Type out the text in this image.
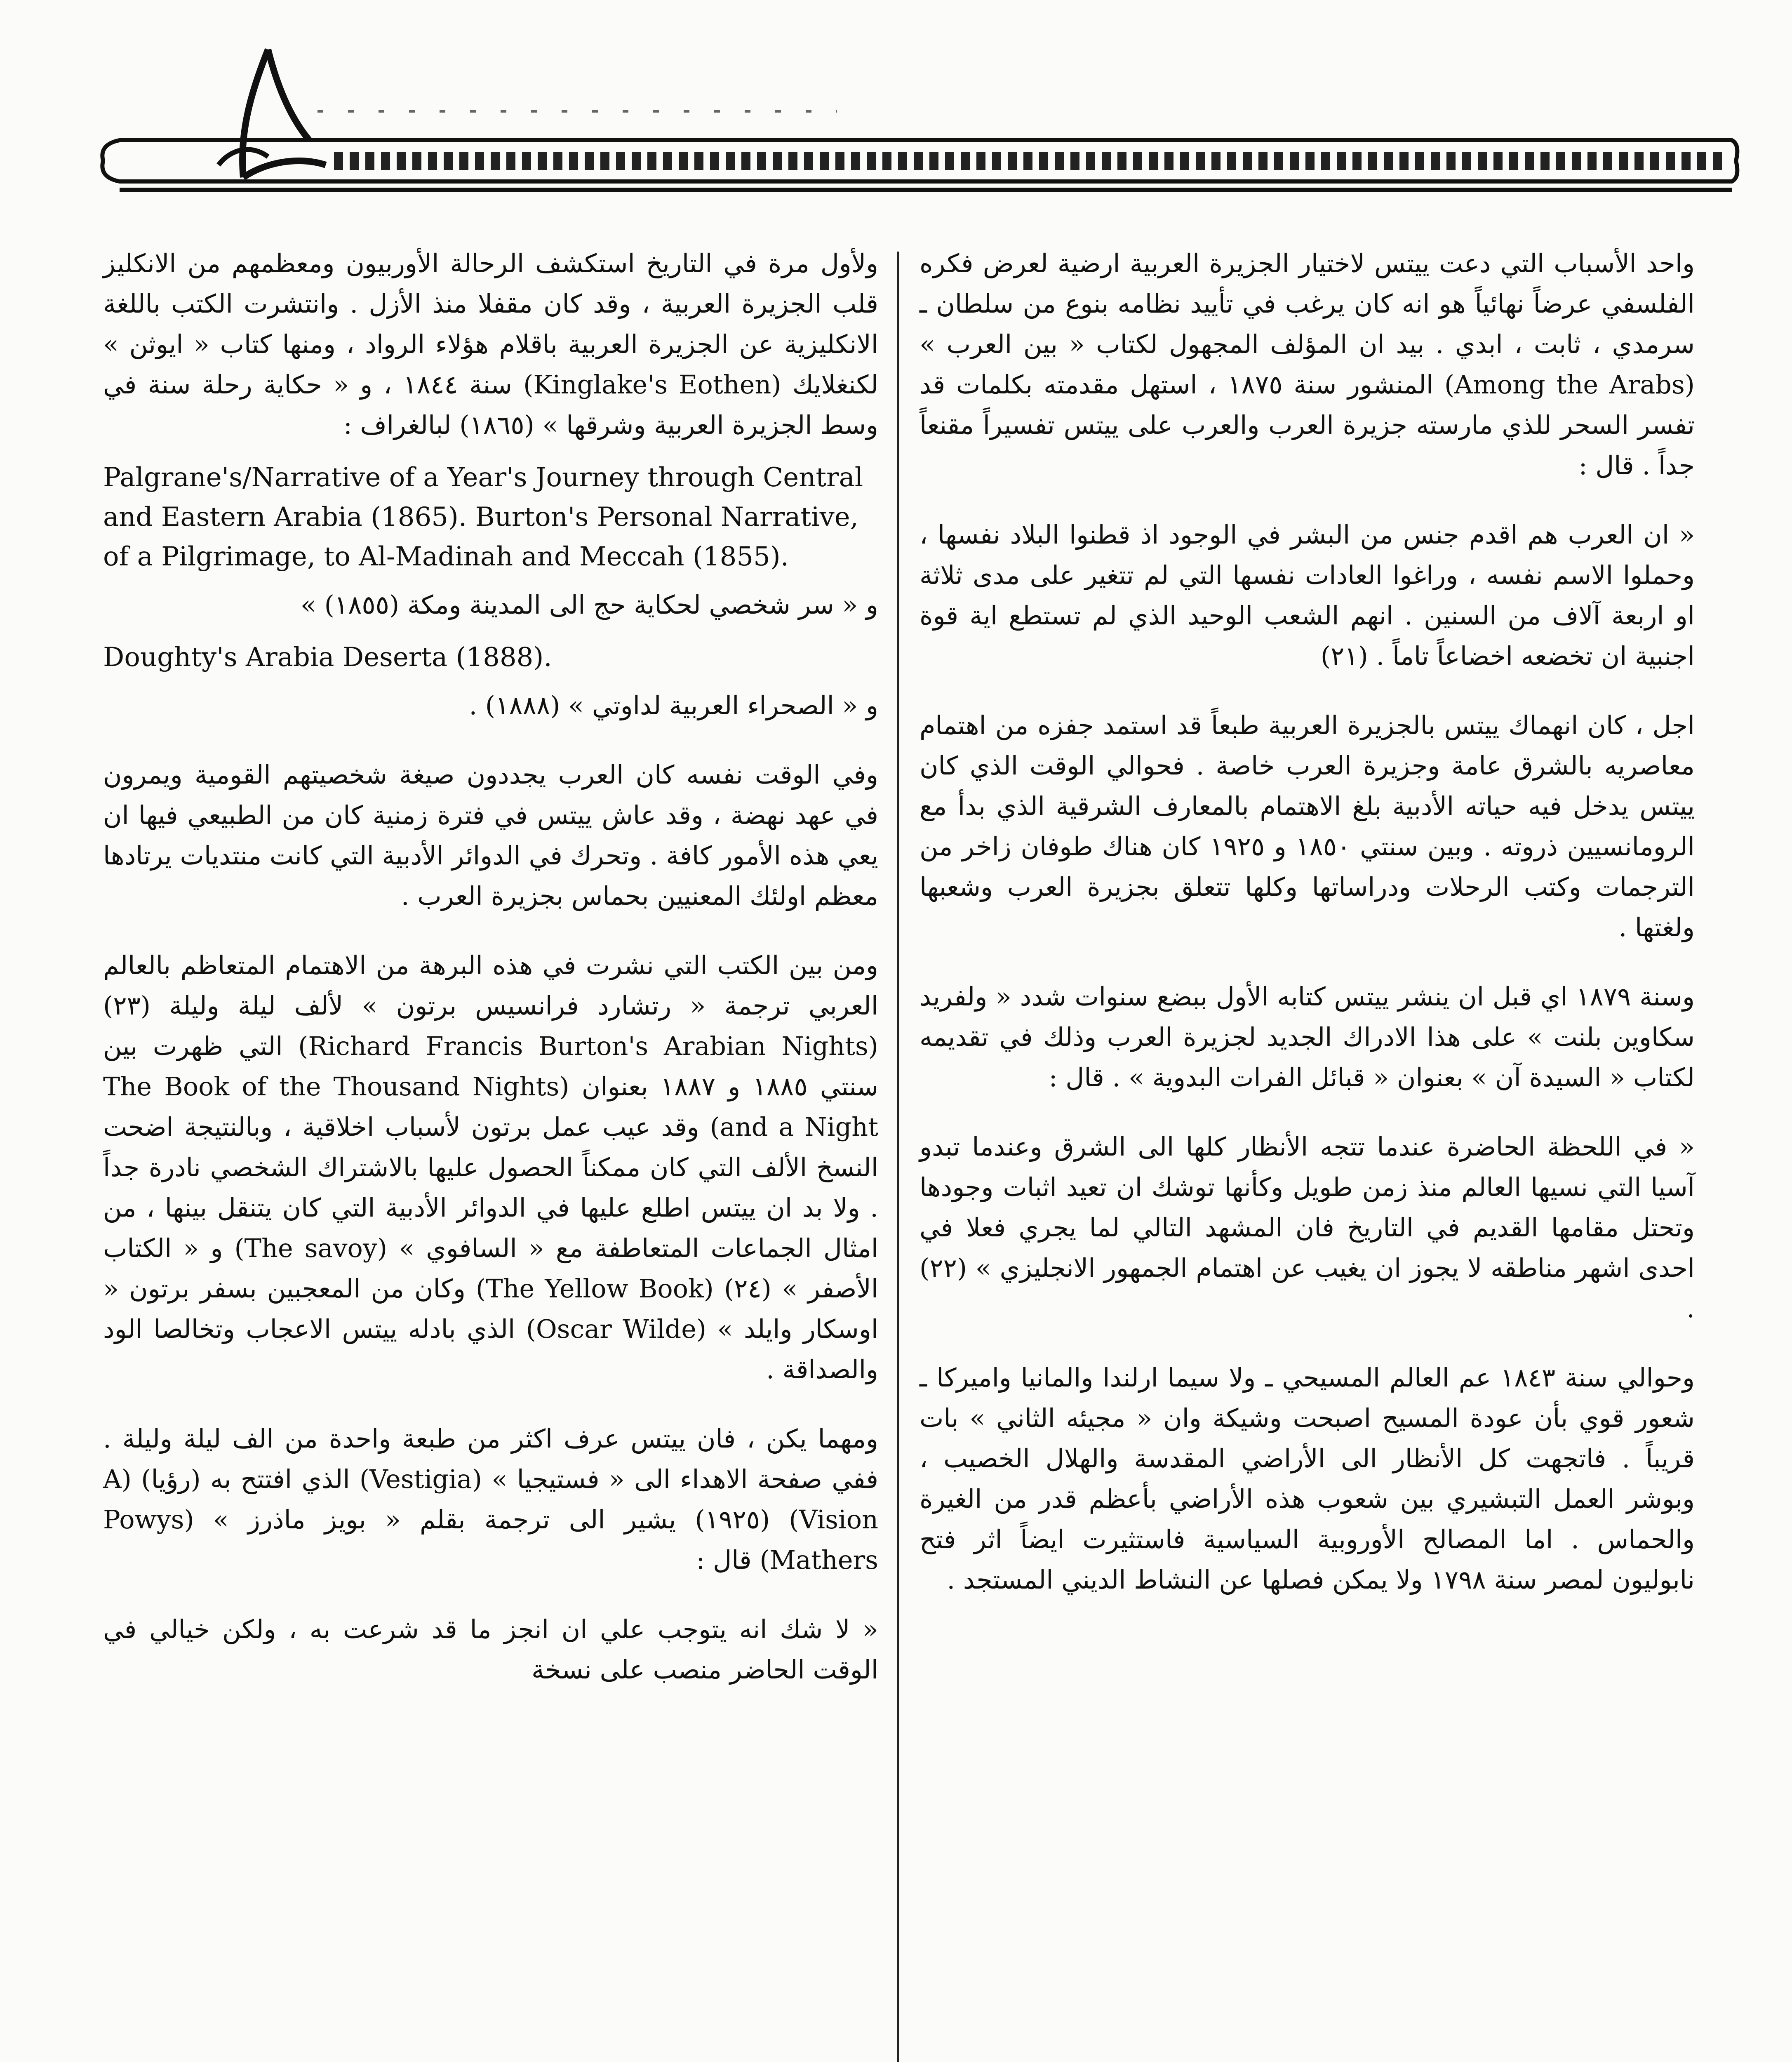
واحد الأسباب التي دعت ييتس لاختيار الجزيرة العربية ارضية لعرض فكره الفلسفي عرضاً نهائياً هو انه كان يرغب في تأييد نظامه بنوع من سلطان ـ سرمدي ، ثابت ، ابدي . بيد ان المؤلف المجهول لكتاب « بين العرب » (Among the Arabs) المنشور سنة ١٨٧٥ ، استهل مقدمته بكلمات قد تفسر السحر للذي مارسته جزيرة العرب والعرب على ييتس تفسيراً مقنعاً جداً . قال :

« ان العرب هم اقدم جنس من البشر في الوجود اذ قطنوا البلاد نفسها ، وحملوا الاسم نفسه ، وراغوا العادات نفسها التي لم تتغير على مدى ثلاثة او اربعة آلاف من السنين . انهم الشعب الوحيد الذي لم تستطع اية قوة اجنبية ان تخضعه اخضاعاً تاماً . (٢١)

اجل ، كان انهماك ييتس بالجزيرة العربية طبعاً قد استمد جفزه من اهتمام معاصريه بالشرق عامة وجزيرة العرب خاصة . فحوالي الوقت الذي كان ييتس يدخل فيه حياته الأدبية بلغ الاهتمام بالمعارف الشرقية الذي بدأ مع الرومانسيين ذروته . وبين سنتي ١٨٥٠ و ١٩٢٥ كان هناك طوفان زاخر من الترجمات وكتب الرحلات ودراساتها وكلها تتعلق بجزيرة العرب وشعبها ولغتها .

وسنة ١٨٧٩ اي قبل ان ينشر ييتس كتابه الأول ببضع سنوات شدد « ولفريد سكاوين بلنت » على هذا الادراك الجديد لجزيرة العرب وذلك في تقديمه لكتاب « السيدة آن » بعنوان « قبائل الفرات البدوية » . قال :

« في اللحظة الحاضرة عندما تتجه الأنظار كلها الى الشرق وعندما تبدو آسيا التي نسيها العالم منذ زمن طويل وكأنها توشك ان تعيد اثبات وجودها وتحتل مقامها القديم في التاريخ فان المشهد التالي لما يجري فعلا في احدى اشهر مناطقه لا يجوز ان يغيب عن اهتمام الجمهور الانجليزي » (٢٢) .

وحوالي سنة ١٨٤٣ عم العالم المسيحي ـ ولا سيما ارلندا والمانيا واميركا ـ شعور قوي بأن عودة المسيح اصبحت وشيكة وان « مجيئه الثاني » بات قريباً . فاتجهت كل الأنظار الى الأراضي المقدسة والهلال الخصيب ، وبوشر العمل التبشيري بين شعوب هذه الأراضي بأعظم قدر من الغيرة والحماس . اما المصالح الأوروبية السياسية فاستثيرت ايضاً اثر فتح نابوليون لمصر سنة ١٧٩٨ ولا يمكن فصلها عن النشاط الديني المستجد .

ولأول مرة في التاريخ استكشف الرحالة الأوربيون ومعظمهم من الانكليز قلب الجزيرة العربية ، وقد كان مقفلا منذ الأزل . وانتشرت الكتب باللغة الانكليزية عن الجزيرة العربية باقلام هؤلاء الرواد ، ومنها كتاب « ايوثن » لكنغلايك (Kinglake's Eothen) سنة ١٨٤٤ ، و « حكاية رحلة سنة في وسط الجزيرة العربية وشرقها » (١٨٦٥) لبالغراف :

Palgrane's/Narrative of a Year's Journey through Central and Eastern Arabia (1865). Burton's Personal Narrative, of a Pilgrimage, to Al-Madinah and Meccah (1855).

و « سر شخصي لحكاية حج الى المدينة ومكة (١٨٥٥) »

Doughty's Arabia Deserta (1888).

و « الصحراء العربية لداوتي » (١٨٨٨) .

وفي الوقت نفسه كان العرب يجددون صيغة شخصيتهم القومية ويمرون في عهد نهضة ، وقد عاش ييتس في فترة زمنية كان من الطبيعي فيها ان يعي هذه الأمور كافة . وتحرك في الدوائر الأدبية التي كانت منتديات يرتادها معظم اولئك المعنيين بحماس بجزيرة العرب .

ومن بين الكتب التي نشرت في هذه البرهة من الاهتمام المتعاظم بالعالم العربي ترجمة « رتشارد فرانسيس برتون » لألف ليلة وليلة (٢٣) (Richard Francis Burton's Arabian Nights) التي ظهرت بين سنتي ١٨٨٥ و ١٨٨٧ بعنوان (The Book of the Thousand Nights and a Night) وقد عيب عمل برتون لأسباب اخلاقية ، وبالنتيجة اضحت النسخ الألف التي كان ممكناً الحصول عليها بالاشتراك الشخصي نادرة جداً . ولا بد ان ييتس اطلع عليها في الدوائر الأدبية التي كان يتنقل بينها ، من امثال الجماعات المتعاطفة مع « السافوي » (The savoy) و « الكتاب الأصفر » (٢٤) (The Yellow Book) وكان من المعجبين بسفر برتون « اوسكار وايلد » (Oscar Wilde) الذي بادله ييتس الاعجاب وتخالصا الود والصداقة .

ومهما يكن ، فان ييتس عرف اكثر من طبعة واحدة من الف ليلة وليلة . ففي صفحة الاهداء الى « فستيجيا » (Vestigia) الذي افتتح به (رؤيا) (A Vision) (١٩٢٥) يشير الى ترجمة بقلم « بويز ماذرز » (Powys Mathers) قال :

« لا شك انه يتوجب علي ان انجز ما قد شرعت به ، ولكن خيالي في الوقت الحاضر منصب على نسخة
